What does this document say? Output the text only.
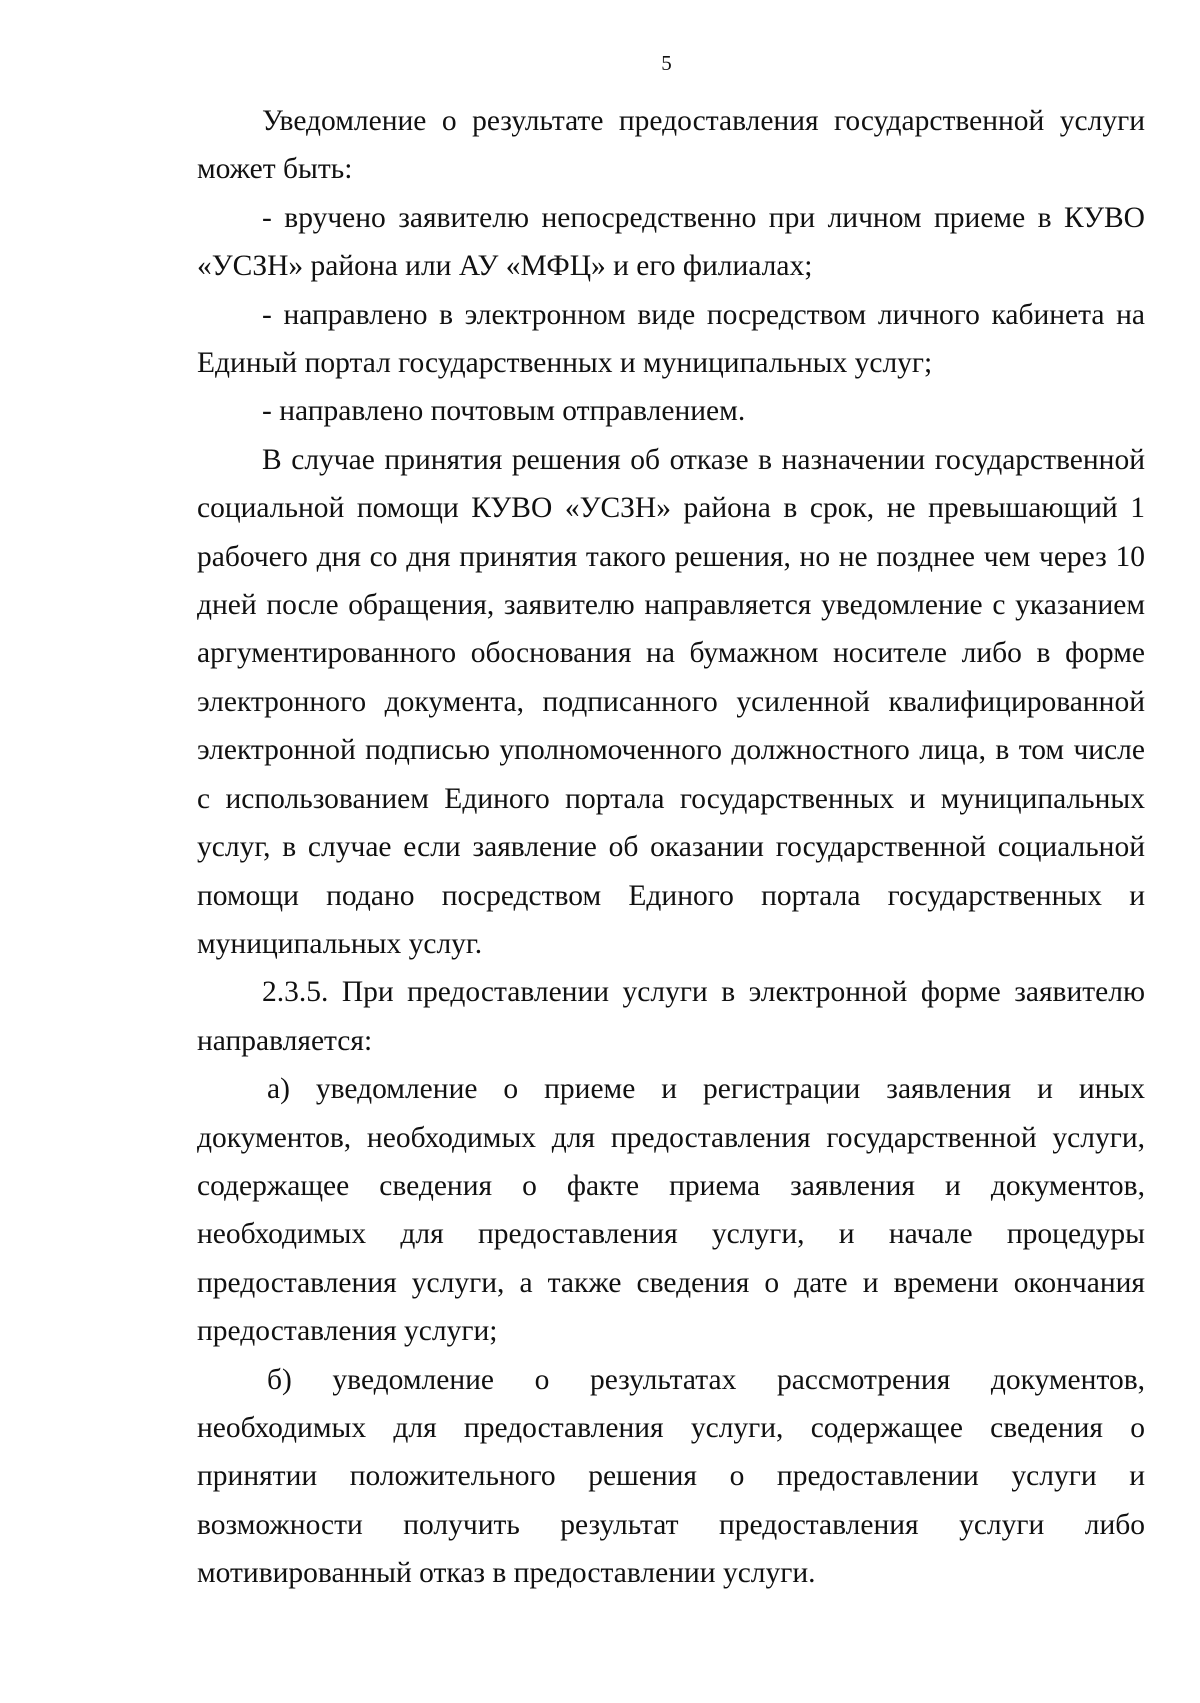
5

Уведомление о результате предоставления государственной услуги может быть:

- вручено заявителю непосредственно при личном приеме в КУВО «УСЗН» района или АУ «МФЦ» и его филиалах;

- направлено в электронном виде посредством личного кабинета на Единый портал государственных и муниципальных услуг;

- направлено почтовым отправлением.

В случае принятия решения об отказе в назначении государственной социальной помощи КУВО «УСЗН» района в срок, не превышающий 1 рабочего дня со дня принятия такого решения, но не позднее чем через 10 дней после обращения, заявителю направляется уведомление с указанием аргументированного обоснования на бумажном носителе либо в форме электронного документа, подписанного усиленной квалифицированной электронной подписью уполномоченного должностного лица, в том числе с использованием Единого портала государственных и муниципальных услуг, в случае если заявление об оказании государственной социальной помощи подано посредством Единого портала государственных и муниципальных услуг.

2.3.5. При предоставлении услуги в электронной форме заявителю направляется:

а) уведомление о приеме и регистрации заявления и иных документов, необходимых для предоставления государственной услуги, содержащее сведения о факте приема заявления и документов, необходимых для предоставления услуги, и начале процедуры предоставления услуги, а также сведения о дате и времени окончания предоставления услуги;

б) уведомление о результатах рассмотрения документов, необходимых для предоставления услуги, содержащее сведения о принятии положительного решения о предоставлении услуги и возможности получить результат предоставления услуги либо мотивированный отказ в предоставлении услуги.
